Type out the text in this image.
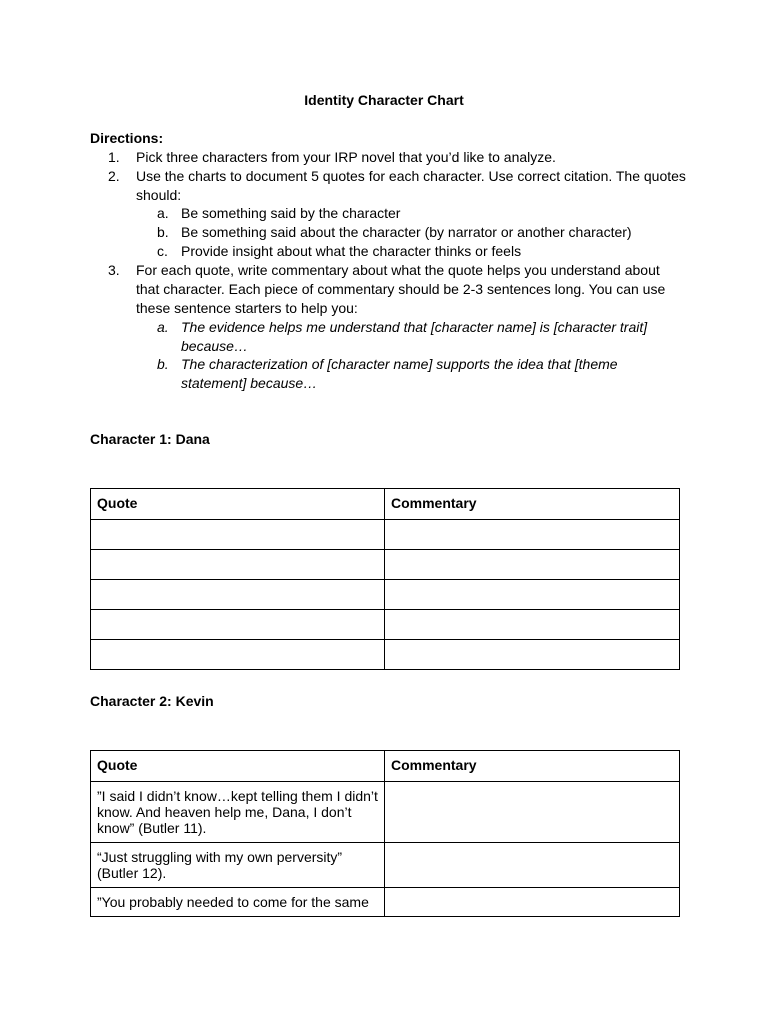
Identity Character Chart
Directions:
1.	Pick three characters from your IRP novel that you’d like to analyze.
2.	Use the charts to document 5 quotes for each character. Use correct citation. The quotes should:
a. Be something said by the character
b. Be something said about the character (by narrator or another character)
c. Provide insight about what the character thinks or feels
3.	For each quote, write commentary about what the quote helps you understand about that character. Each piece of commentary should be 2-3 sentences long. You can use these sentence starters to help you:
a. The evidence helps me understand that [character name] is [character trait] because…
b. The characterization of [character name] supports the idea that [theme statement] because…
Character 1: Dana
Quote	Commentary

Character 2: Kevin
Quote	Commentary
”I said I didn’t know…kept telling them I didn’t know. And heaven help me, Dana, I don’t know” (Butler 11).	
“Just struggling with my own perversity” (Butler 12).	
”You probably needed to come for the same	
